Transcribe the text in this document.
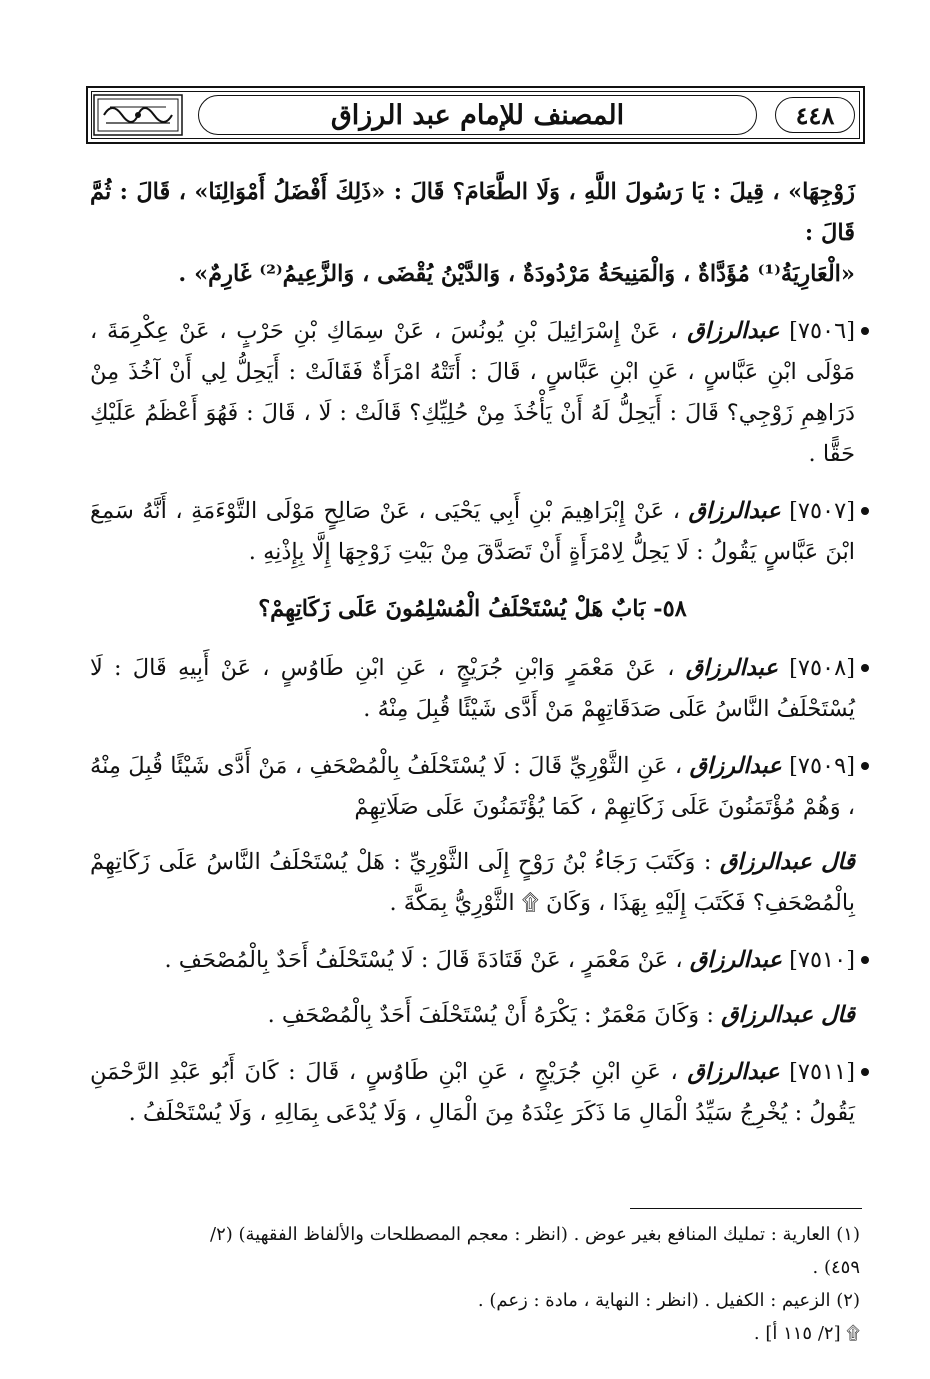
المصنف للإمام عبد الرزاق	٤٤٨

زَوْجِهَا» ، قِيلَ : يَا رَسُولَ اللَّهِ ، وَلَا الطَّعَامَ؟ قَالَ : «ذَلِكَ أَفْضَلُ أَمْوَالِنَا» ، قَالَ : ثُمَّ قَالَ :

«الْعَارِيَةُ⁽¹⁾ مُؤَدَّاةٌ ، وَالْمَنِيحَةُ مَرْدُودَةٌ ، وَالدَّيْنُ يُقْضَى ، وَالزَّعِيمُ⁽²⁾ غَارِمٌ» .

[٧٥٠٦] عبدالرزاق ، عَنْ إِسْرَائِيلَ بْنِ يُونُسَ ، عَنْ سِمَاكِ بْنِ حَرْبٍ ، عَنْ عِكْرِمَةَ ، مَوْلَى ابْنِ عَبَّاسٍ ، عَنِ ابْنِ عَبَّاسٍ ، قَالَ : أَتَتْهُ امْرَأَةٌ فَقَالَتْ : أَيَحِلُّ لِي أَنْ آخُذَ مِنْ دَرَاهِمِ زَوْجِي؟ قَالَ : أَيَحِلُّ لَهُ أَنْ يَأْخُذَ مِنْ حُلِيِّكِ؟ قَالَتْ : لَا ، قَالَ : فَهُوَ أَعْظَمُ عَلَيْكِ حَقًّا .

[٧٥٠٧] عبدالرزاق ، عَنْ إِبْرَاهِيمَ بْنِ أَبِي يَحْيَى ، عَنْ صَالِحٍ مَوْلَى التَّوْءَمَةِ ، أَنَّهُ سَمِعَ ابْنَ عَبَّاسٍ يَقُولُ : لَا يَحِلُّ لِامْرَأَةٍ أَنْ تَصَدَّقَ مِنْ بَيْتِ زَوْجِهَا إِلَّا بِإِذْنِهِ .

٥٨- بَابٌ هَلْ يُسْتَحْلَفُ الْمُسْلِمُونَ عَلَى زَكَاتِهِمْ؟

[٧٥٠٨] عبدالرزاق ، عَنْ مَعْمَرٍ وَابْنِ جُرَيْجٍ ، عَنِ ابْنِ طَاوُسٍ ، عَنْ أَبِيهِ قَالَ : لَا يُسْتَحْلَفُ النَّاسُ عَلَى صَدَقَاتِهِمْ مَنْ أَدَّى شَيْئًا قُبِلَ مِنْهُ .

[٧٥٠٩] عبدالرزاق ، عَنِ الثَّوْرِيِّ قَالَ : لَا يُسْتَحْلَفُ بِالْمُصْحَفِ ، مَنْ أَدَّى شَيْئًا قُبِلَ مِنْهُ ، وَهُمْ مُؤْتَمَنُونَ عَلَى زَكَاتِهِمْ ، كَمَا يُؤْتَمَنُونَ عَلَى صَلَاتِهِمْ

قال عبدالرزاق : وَكَتَبَ رَجَاءُ بْنُ رَوْحٍ إِلَى الثَّوْرِيِّ : هَلْ يُسْتَحْلَفُ النَّاسُ عَلَى زَكَاتِهِمْ بِالْمُصْحَفِ؟ فَكَتَبَ إِلَيْهِ بِهَذَا ، وَكَانَ ۩ الثَّوْرِيُّ بِمَكَّةَ .

[٧٥١٠] عبدالرزاق ، عَنْ مَعْمَرٍ ، عَنْ قَتَادَةَ قَالَ : لَا يُسْتَحْلَفُ أَحَدٌ بِالْمُصْحَفِ .

قال عبدالرزاق : وَكَانَ مَعْمَرٌ : يَكْرَهُ أَنْ يُسْتَحْلَفَ أَحَدٌ بِالْمُصْحَفِ .

[٧٥١١] عبدالرزاق ، عَنِ ابْنِ جُرَيْجٍ ، عَنِ ابْنِ طَاوُسٍ ، قَالَ : كَانَ أَبُو عَبْدِ الرَّحْمَنِ يَقُولُ : يُخْرِجُ سَيِّدُ الْمَالِ مَا ذَكَرَ عِنْدَهُ مِنَ الْمَالِ ، وَلَا يُدْعَى بِمَالِهِ ، وَلَا يُسْتَحْلَفُ .

(١) العارية : تمليك المنافع بغير عوض . (انظر : معجم المصطلحات والألفاظ الفقهية) (٢/ ٤٥٩) .

(٢) الزعيم : الكفيل . (انظر : النهاية ، مادة : زعم) .

۩ [٢/ ١١٥ أ] .
